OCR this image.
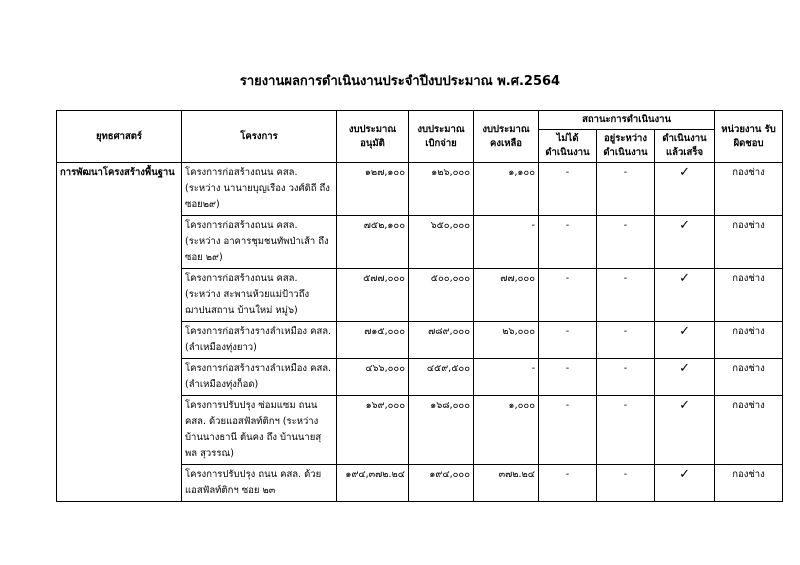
รายงานผลการดำเนินงานประจำปีงบประมาณ พ.ศ.2564
ยุทธศาสตร์	โครงการ	งบประมาณ อนุมัติ	งบประมาณ เบิกจ่าย	งบประมาณ คงเหลือ	สถานะการดำเนินงาน			หน่วยงาน รับผิดชอบ
					ไม่ได้ ดำเนินงาน	อยู่ระหว่าง ดำเนินงาน	ดำเนินงาน แล้วเสร็จ	
การพัฒนาโครงสร้างพื้นฐาน	โครงการก่อสร้างถนน คสล. (ระหว่าง นานายบุญเรือง วงศ์ดิถี ถึง ซอย๒๙)	๑๒๗,๑๐๐	๑๒๖,๐๐๐	๑,๑๐๐	-	-	✓	กองช่าง
	โครงการก่อสร้างถนน คสล. (ระหว่าง อาคารชุมชนทัพป่าเส้า ถึง ซอย ๒๙)	๗๕๒,๑๐๐	๖๕๐,๐๐๐	-	-	-	✓	กองช่าง
	โครงการก่อสร้างถนน คสล. (ระหว่าง สะพานห้วยแม่ป้าวถึง ฌาปนสถาน บ้านใหม่ หมู่๖)	๕๗๗,๐๐๐	๕๐๐,๐๐๐	๗๗,๐๐๐	-	-	✓	กองช่าง
	โครงการก่อสร้างรางลำเหมือง คสล. (ลำเหมืองทุ่งยาว)	๗๑๕,๐๐๐	๗๘๙,๐๐๐	๒๖,๐๐๐	-	-	✓	กองช่าง
	โครงการก่อสร้างรางลำเหมือง คสล. (ลำเหมืองทุ่งก็อด)	๔๖๖,๐๐๐	๔๕๙,๕๐๐	-	-	-	✓	กองช่าง
	โครงการปรับปรุง ซ่อมแซม ถนน คสล. ด้วยแอสฟัลท์ติกฯ (ระหว่าง บ้านนางธานี ต้นคง ถึง บ้านนายสุพล สุวรรณ)	๑๖๙,๐๐๐	๑๖๘,๐๐๐	๑,๐๐๐	-	-	✓	กองช่าง
	โครงการปรับปรุง ถนน คสล. ด้วย แอสฟัลท์ติกฯ ซอย ๒๓	๑๙๔,๓๗๒.๒๔	๑๙๔,๐๐๐	๓๗๒.๒๔	-	-	✓	กองช่าง
